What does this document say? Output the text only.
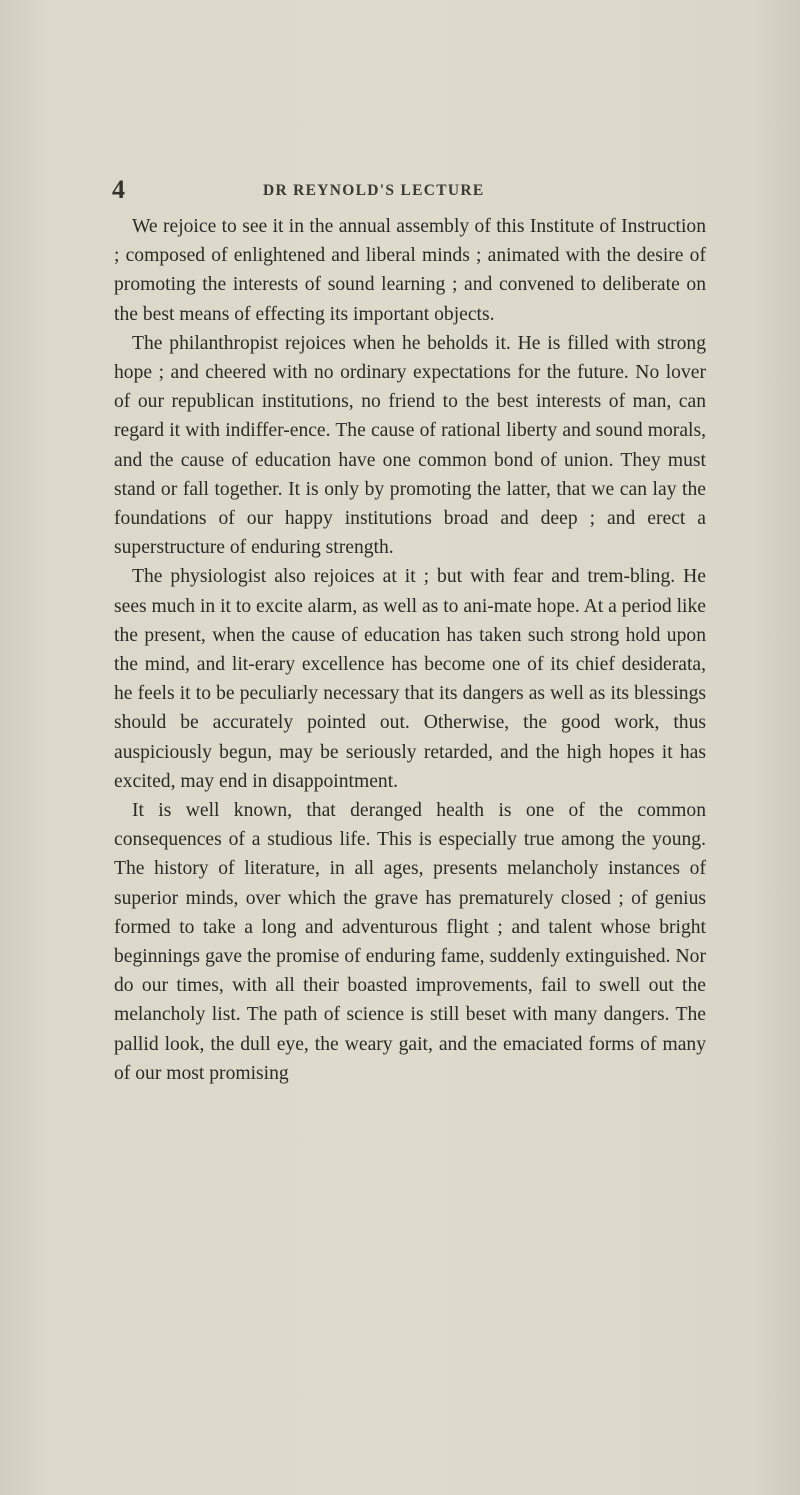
4	DR REYNOLD'S LECTURE

We rejoice to see it in the annual assembly of this Institute of Instruction ; composed of enlightened and liberal minds ; animated with the desire of promoting the interests of sound learning ; and convened to deliberate on the best means of effecting its important objects.

The philanthropist rejoices when he beholds it. He is filled with strong hope ; and cheered with no ordinary expectations for the future. No lover of our republican institutions, no friend to the best interests of man, can regard it with indiffer-ence. The cause of rational liberty and sound morals, and the cause of education have one common bond of union. They must stand or fall together. It is only by promoting the latter, that we can lay the foundations of our happy institutions broad and deep ; and erect a superstructure of enduring strength.

The physiologist also rejoices at it ; but with fear and trem-bling. He sees much in it to excite alarm, as well as to ani-mate hope. At a period like the present, when the cause of education has taken such strong hold upon the mind, and lit-erary excellence has become one of its chief desiderata, he feels it to be peculiarly necessary that its dangers as well as its blessings should be accurately pointed out. Otherwise, the good work, thus auspiciously begun, may be seriously retarded, and the high hopes it has excited, may end in disappointment.

It is well known, that deranged health is one of the common consequences of a studious life. This is especially true among the young. The history of literature, in all ages, presents melancholy instances of superior minds, over which the grave has prematurely closed ; of genius formed to take a long and adventurous flight ; and talent whose bright beginnings gave the promise of enduring fame, suddenly extinguished. Nor do our times, with all their boasted improvements, fail to swell out the melancholy list. The path of science is still beset with many dangers. The pallid look, the dull eye, the weary gait, and the emaciated forms of many of our most promising
